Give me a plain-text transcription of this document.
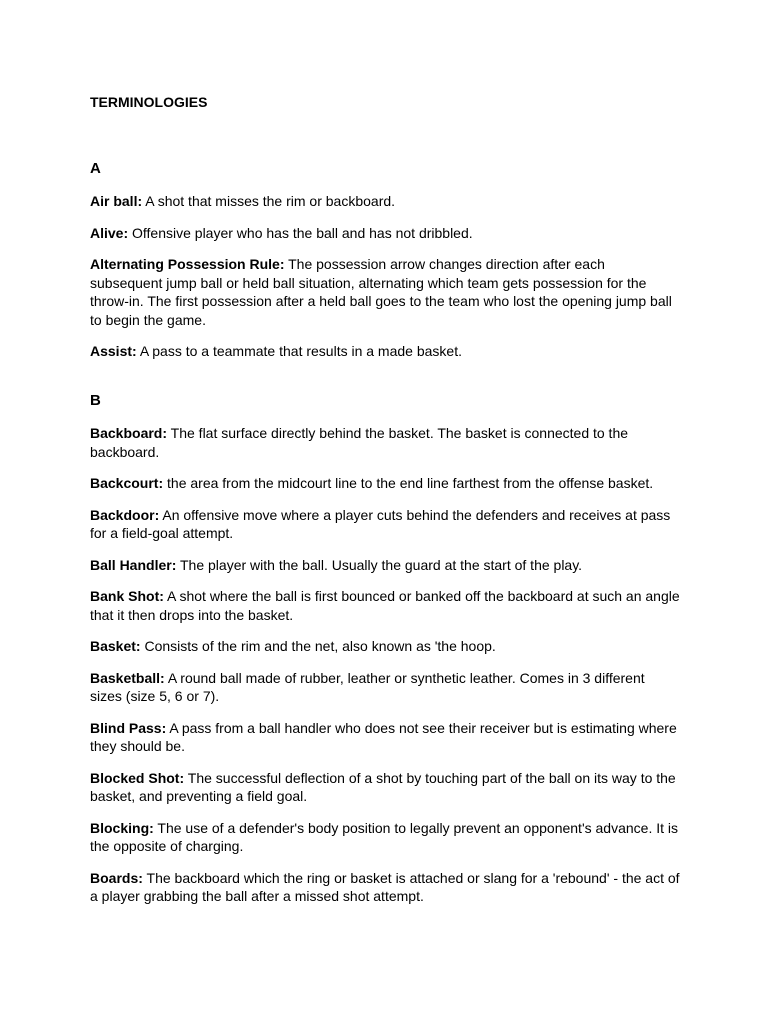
TERMINOLOGIES
A

Air ball: A shot that misses the rim or backboard.

Alive: Offensive player who has the ball and has not dribbled.

Alternating Possession Rule: The possession arrow changes direction after each subsequent jump ball or held ball situation, alternating which team gets possession for the throw-in. The first possession after a held ball goes to the team who lost the opening jump ball to begin the game.

Assist: A pass to a teammate that results in a made basket.

B

Backboard: The flat surface directly behind the basket. The basket is connected to the backboard.

Backcourt: the area from the midcourt line to the end line farthest from the offense basket.

Backdoor: An offensive move where a player cuts behind the defenders and receives at pass for a field-goal attempt.

Ball Handler: The player with the ball. Usually the guard at the start of the play.

Bank Shot: A shot where the ball is first bounced or banked off the backboard at such an angle that it then drops into the basket.

Basket: Consists of the rim and the net, also known as 'the hoop.

Basketball: A round ball made of rubber, leather or synthetic leather. Comes in 3 different sizes (size 5, 6 or 7).

Blind Pass: A pass from a ball handler who does not see their receiver but is estimating where they should be.

Blocked Shot: The successful deflection of a shot by touching part of the ball on its way to the basket, and preventing a field goal.

Blocking: The use of a defender's body position to legally prevent an opponent's advance. It is the opposite of charging.

Boards: The backboard which the ring or basket is attached or slang for a 'rebound' - the act of a player grabbing the ball after a missed shot attempt.
